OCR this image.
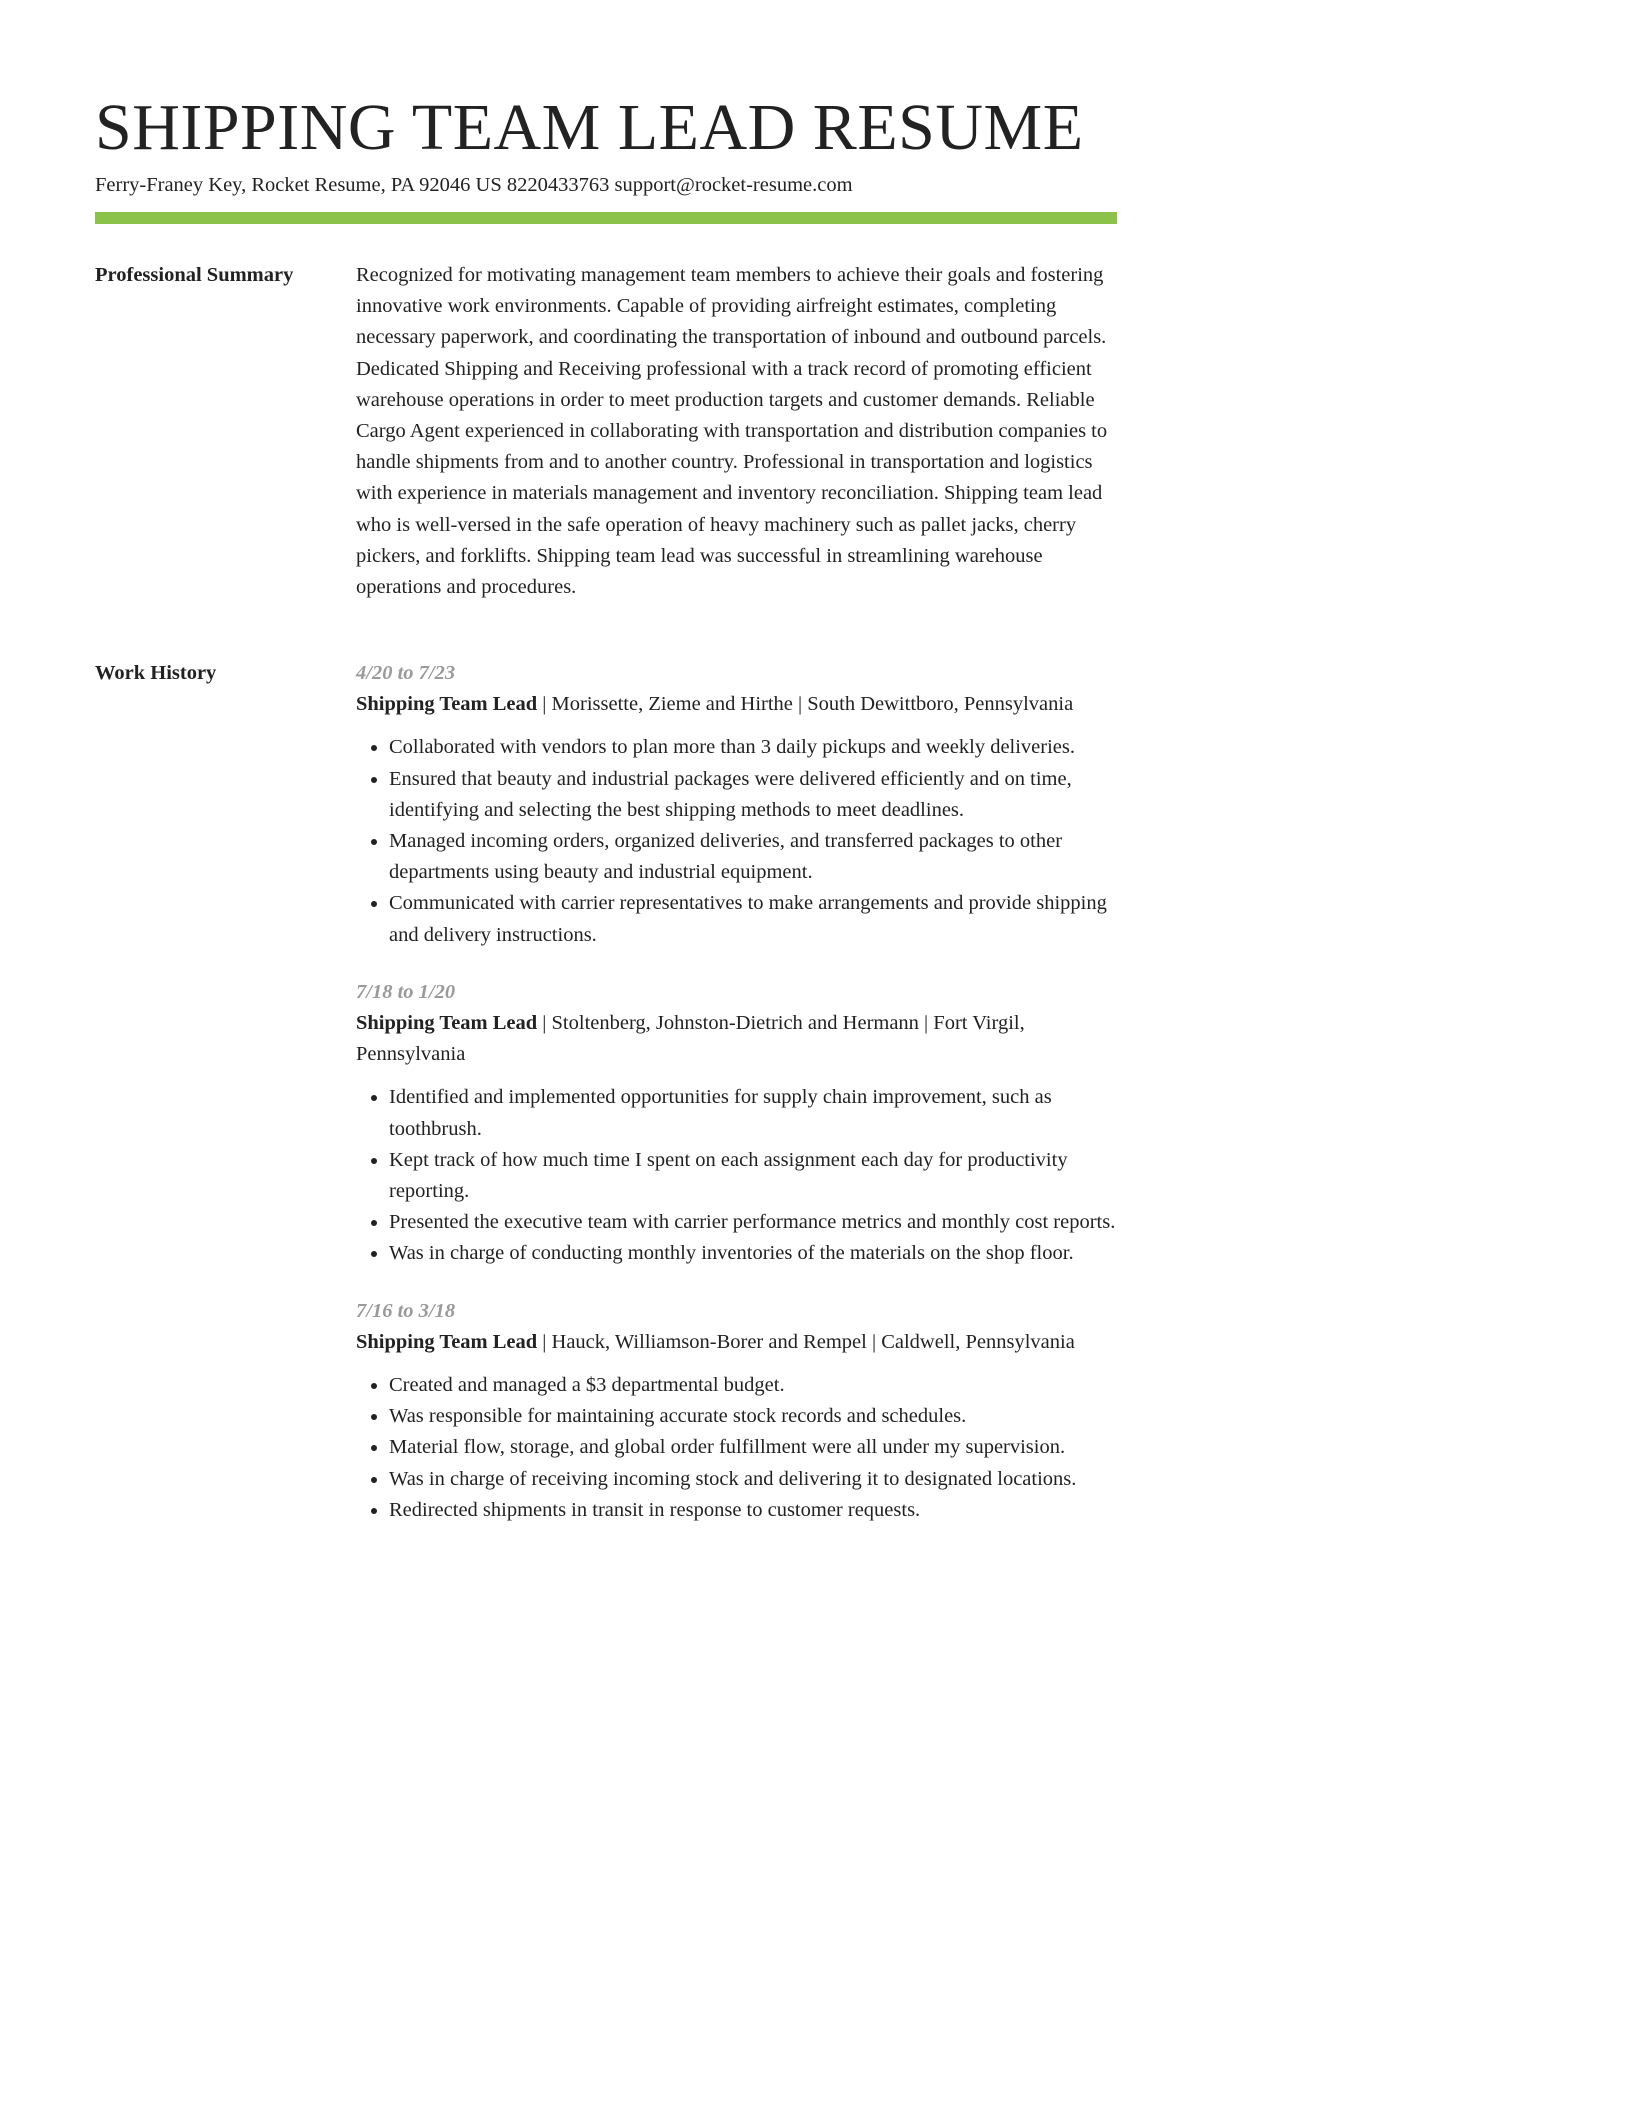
SHIPPING TEAM LEAD RESUME
Ferry-Franey Key, Rocket Resume, PA 92046 US 8220433763 support@rocket-resume.com
Professional Summary	Recognized for motivating management team members to achieve their goals and fostering innovative work environments. Capable of providing airfreight estimates, completing necessary paperwork, and coordinating the transportation of inbound and outbound parcels. Dedicated Shipping and Receiving professional with a track record of promoting efficient warehouse operations in order to meet production targets and customer demands. Reliable Cargo Agent experienced in collaborating with transportation and distribution companies to handle shipments from and to another country. Professional in transportation and logistics with experience in materials management and inventory reconciliation. Shipping team lead who is well-versed in the safe operation of heavy machinery such as pallet jacks, cherry pickers, and forklifts. Shipping team lead was successful in streamlining warehouse operations and procedures.

Work History	4/20 to 7/23
Shipping Team Lead | Morissette, Zieme and Hirthe | South Dewittboro, Pennsylvania
• Collaborated with vendors to plan more than 3 daily pickups and weekly deliveries.
• Ensured that beauty and industrial packages were delivered efficiently and on time, identifying and selecting the best shipping methods to meet deadlines.
• Managed incoming orders, organized deliveries, and transferred packages to other departments using beauty and industrial equipment.
• Communicated with carrier representatives to make arrangements and provide shipping and delivery instructions.
7/18 to 1/20
Shipping Team Lead | Stoltenberg, Johnston-Dietrich and Hermann | Fort Virgil, Pennsylvania
• Identified and implemented opportunities for supply chain improvement, such as toothbrush.
• Kept track of how much time I spent on each assignment each day for productivity reporting.
• Presented the executive team with carrier performance metrics and monthly cost reports.
• Was in charge of conducting monthly inventories of the materials on the shop floor.
7/16 to 3/18
Shipping Team Lead | Hauck, Williamson-Borer and Rempel | Caldwell, Pennsylvania
• Created and managed a $3 departmental budget.
• Was responsible for maintaining accurate stock records and schedules.
• Material flow, storage, and global order fulfillment were all under my supervision.
• Was in charge of receiving incoming stock and delivering it to designated locations.
• Redirected shipments in transit in response to customer requests.
